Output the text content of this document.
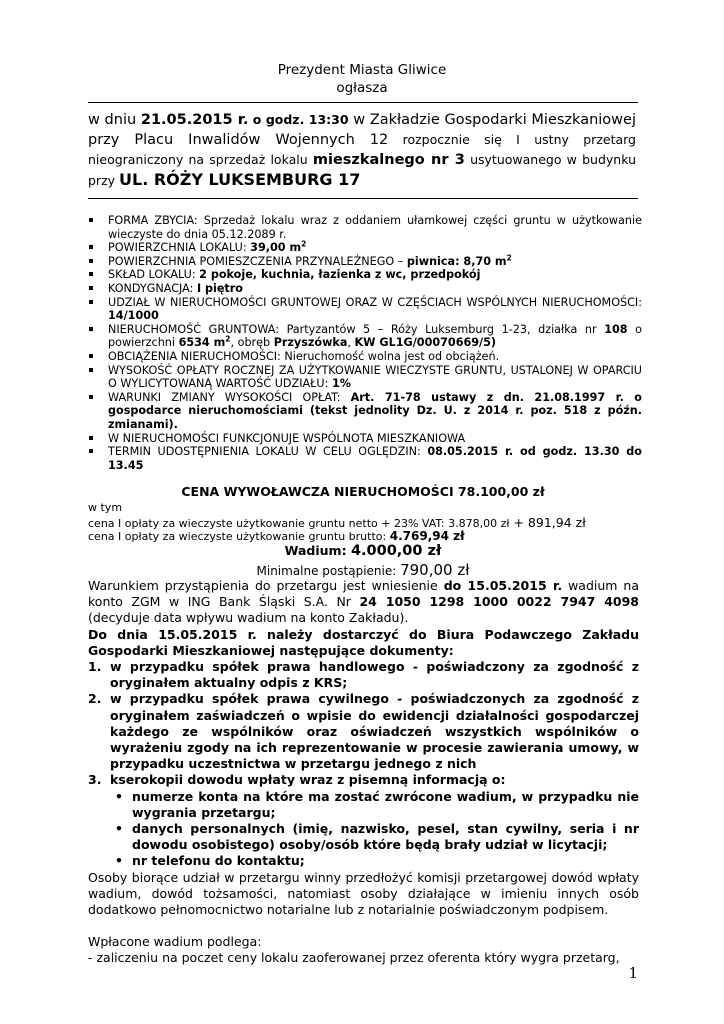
Prezydent Miasta Gliwice
ogłasza
w dniu 21.05.2015 r. o godz. 13:30 w Zakładzie Gospodarki Mieszkaniowej przy Placu Inwalidów Wojennych 12 rozpocznie się I ustny przetarg nieograniczony na sprzedaż lokalu mieszkalnego nr 3 usytuowanego w budynku przy UL. RÓŻY LUKSEMBURG 17
FORMA ZBYCIA: Sprzedaż lokalu wraz z oddaniem ułamkowej części gruntu w użytkowanie wieczyste do dnia 05.12.2089 r.
POWIERZCHNIA LOKALU: 39,00 $m^2$
POWIERZCHNIA POMIESZCZENIA PRZYNALEŻNEGO – piwnica: 8,70 $m^2$
SKŁAD LOKALU: 2 pokoje, kuchnia, łazienka z wc, przedpokój
KONDYGNACJA: I piętro
UDZIAŁ W NIERUCHOMOŚCI GRUNTOWEJ ORAZ W CZĘŚCIACH WSPÓLNYCH NIERUCHOMOŚCI: 14/1000
NIERUCHOMOŚĆ GRUNTOWA: Partyzantów 5 – Róży Luksemburg 1-23, działka nr 108 o powierzchni 6534 $m^2$, obręb Przyszówka, KW GL1G/00070669/5)
OBCIĄŻENIA NIERUCHOMOŚCI: Nieruchomość wolna jest od obciążeń.
WYSOKOŚĆ OPŁATY ROCZNEJ ZA UŻYTKOWANIE WIECZYSTE GRUNTU, USTALONEJ W OPARCIU O WYLICYTOWANĄ WARTOŚĆ UDZIAŁU: 1%
WARUNKI ZMIANY WYSOKOŚCI OPŁAT: Art. 71-78 ustawy z dn. 21.08.1997 r. o gospodarce nieruchomościami (tekst jednolity Dz. U. z 2014 r. poz. 518 z późn. zmianami).
W NIERUCHOMOŚCI FUNKCJONUJE WSPÓLNOTA MIESZKANIOWA
TERMIN UDOSTĘPNIENIA LOKALU W CELU OGLĘDZIN: 08.05.2015 r. od godz. 13.30 do 13.45
CENA WYWOŁAWCZA NIERUCHOMOŚCI 78.100,00 zł
w tym
cena I opłaty za wieczyste użytkowanie gruntu netto + 23% VAT: 3.878,00 zł + 891,94 zł
cena I opłaty za wieczyste użytkowanie gruntu brutto: 4.769,94 zł
Wadium: 4.000,00 zł
Minimalne postąpienie: 790,00 zł

Warunkiem przystąpienia do przetargu jest wniesienie do 15.05.2015 r. wadium na konto ZGM w ING Bank Śląski S.A. Nr 24 1050 1298 1000 0022 7947 4098 (decyduje data wpływu wadium na konto Zakładu).

Do dnia 15.05.2015 r. należy dostarczyć do Biura Podawczego Zakładu Gospodarki Mieszkaniowej następujące dokumenty:

1. w przypadku spółek prawa handlowego - poświadczony za zgodność z oryginałem aktualny odpis z KRS;
2. w przypadku spółek prawa cywilnego - poświadczonych za zgodność z oryginałem zaświadczeń o wpisie do ewidencji działalności gospodarczej każdego ze wspólników oraz oświadczeń wszystkich wspólników o wyrażeniu zgody na ich reprezentowanie w procesie zawierania umowy, w przypadku uczestnictwa w przetargu jednego z nich
3. kserokopii dowodu wpłaty wraz z pisemną informacją o:
• numerze konta na które ma zostać zwrócone wadium, w przypadku nie wygrania przetargu;
• danych personalnych (imię, nazwisko, pesel, stan cywilny, seria i nr dowodu osobistego) osoby/osób które będą brały udział w licytacji;
• nr telefonu do kontaktu;

Osoby biorące udział w przetargu winny przedłożyć komisji przetargowej dowód wpłaty wadium, dowód tożsamości, natomiast osoby działające w imieniu innych osób dodatkowo pełnomocnictwo notarialne lub z notarialnie poświadczonym podpisem.

Wpłacone wadium podlega:

- zaliczeniu na poczet ceny lokalu zaoferowanej przez oferenta który wygra przetarg,

1
